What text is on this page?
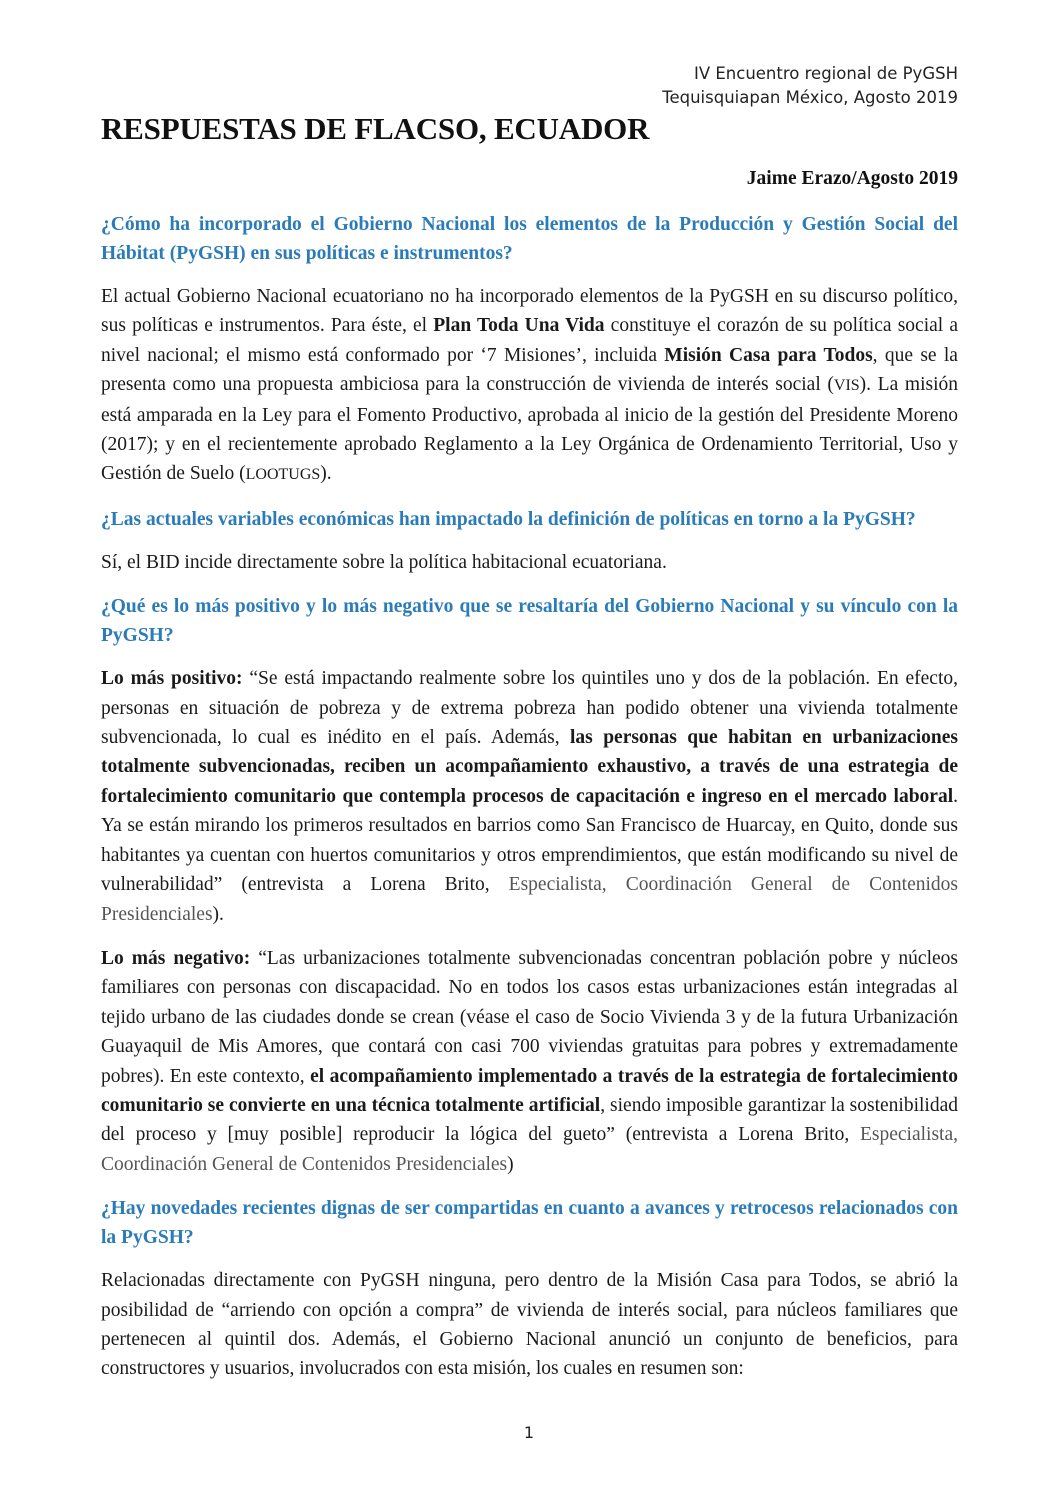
IV Encuentro regional de PyGSH
Tequisquiapan México, Agosto 2019
RESPUESTAS DE FLACSO, ECUADOR
Jaime Erazo/Agosto 2019
¿Cómo ha incorporado el Gobierno Nacional los elementos de la Producción y Gestión Social del Hábitat (PyGSH) en sus políticas e instrumentos?
El actual Gobierno Nacional ecuatoriano no ha incorporado elementos de la PyGSH en su discurso político, sus políticas e instrumentos. Para éste, el Plan Toda Una Vida constituye el corazón de su política social a nivel nacional; el mismo está conformado por ‘7 Misiones’, incluida Misión Casa para Todos, que se la presenta como una propuesta ambiciosa para la construcción de vivienda de interés social (VIS). La misión está amparada en la Ley para el Fomento Productivo, aprobada al inicio de la gestión del Presidente Moreno (2017); y en el recientemente aprobado Reglamento a la Ley Orgánica de Ordenamiento Territorial, Uso y Gestión de Suelo (LOOTUGS).
¿Las actuales variables económicas han impactado la definición de políticas en torno a la PyGSH?
Sí, el BID incide directamente sobre la política habitacional ecuatoriana.
¿Qué es lo más positivo y lo más negativo que se resaltaría del Gobierno Nacional y su vínculo con la PyGSH?
Lo más positivo: “Se está impactando realmente sobre los quintiles uno y dos de la población. En efecto, personas en situación de pobreza y de extrema pobreza han podido obtener una vivienda totalmente subvencionada, lo cual es inédito en el país. Además, las personas que habitan en urbanizaciones totalmente subvencionadas, reciben un acompañamiento exhaustivo, a través de una estrategia de fortalecimiento comunitario que contempla procesos de capacitación e ingreso en el mercado laboral. Ya se están mirando los primeros resultados en barrios como San Francisco de Huarcay, en Quito, donde sus habitantes ya cuentan con huertos comunitarios y otros emprendimientos, que están modificando su nivel de vulnerabilidad” (entrevista a Lorena Brito, Especialista, Coordinación General de Contenidos Presidenciales).
Lo más negativo: “Las urbanizaciones totalmente subvencionadas concentran población pobre y núcleos familiares con personas con discapacidad. No en todos los casos estas urbanizaciones están integradas al tejido urbano de las ciudades donde se crean (véase el caso de Socio Vivienda 3 y de la futura Urbanización Guayaquil de Mis Amores, que contará con casi 700 viviendas gratuitas para pobres y extremadamente pobres). En este contexto, el acompañamiento implementado a través de la estrategia de fortalecimiento comunitario se convierte en una técnica totalmente artificial, siendo imposible garantizar la sostenibilidad del proceso y [muy posible] reproducir la lógica del gueto” (entrevista a Lorena Brito, Especialista, Coordinación General de Contenidos Presidenciales)
¿Hay novedades recientes dignas de ser compartidas en cuanto a avances y retrocesos relacionados con la PyGSH?
Relacionadas directamente con PyGSH ninguna, pero dentro de la Misión Casa para Todos, se abrió la posibilidad de “arriendo con opción a compra” de vivienda de interés social, para núcleos familiares que pertenecen al quintil dos. Además, el Gobierno Nacional anunció un conjunto de beneficios, para constructores y usuarios, involucrados con esta misión, los cuales en resumen son:
1
